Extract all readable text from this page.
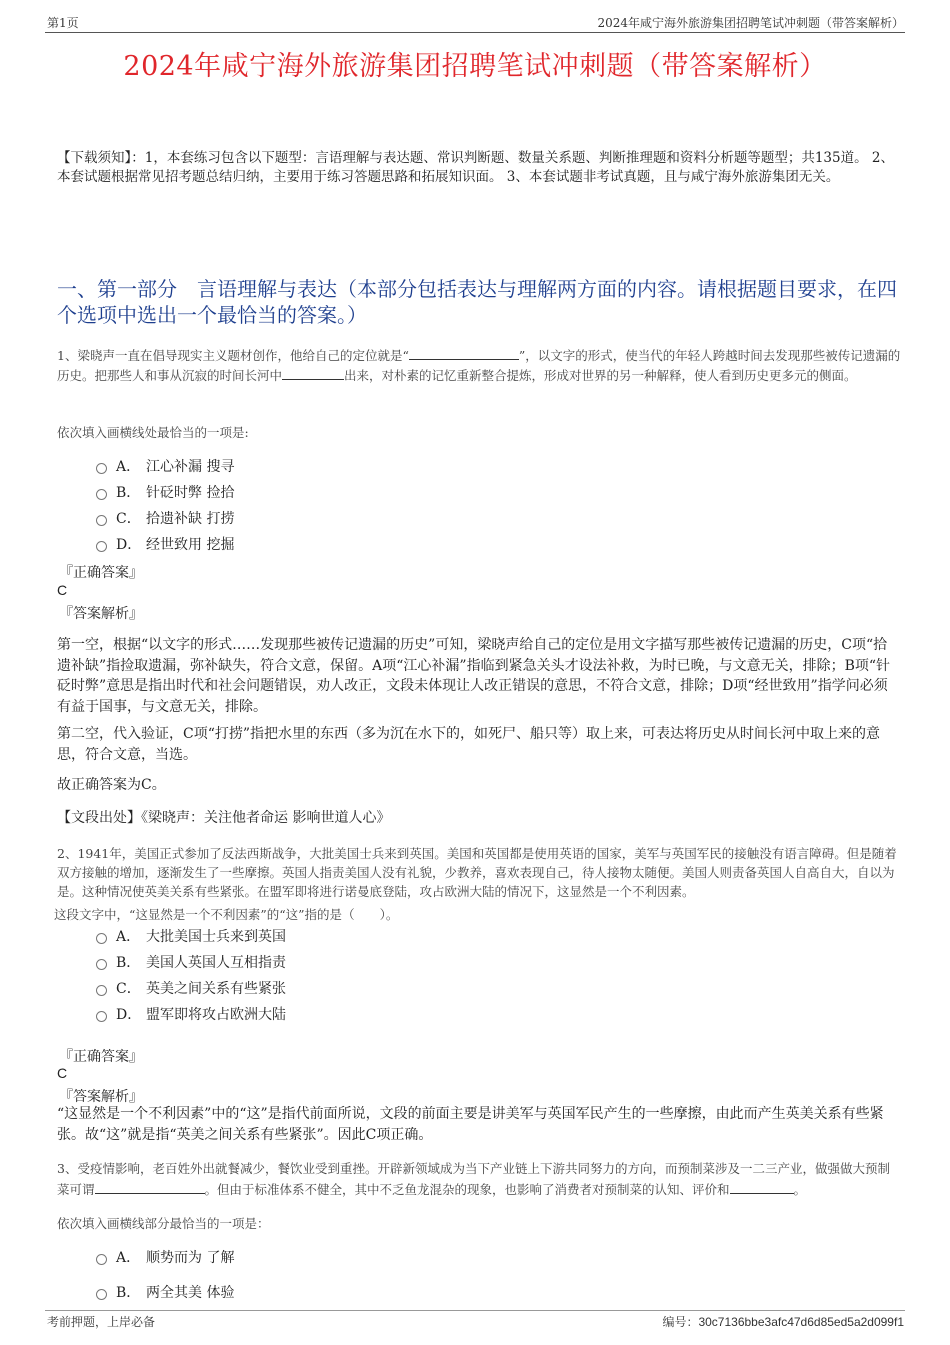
第1页	2024年咸宁海外旅游集团招聘笔试冲刺题（带答案解析）
2024年咸宁海外旅游集团招聘笔试冲刺题（带答案解析）
【下载须知】：1，本套练习包含以下题型：言语理解与表达题、常识判断题、数量关系题、判断推理题和资料分析题等题型；共135道。 2、本套试题根据常见招考题总结归纳，主要用于练习答题思路和拓展知识面。 3、本套试题非考试真题，且与咸宁海外旅游集团无关。
一、第一部分　言语理解与表达（本部分包括表达与理解两方面的内容。请根据题目要求，在四个选项中选出一个最恰当的答案。）
1、梁晓声一直在倡导现实主义题材创作，他给自己的定位就是“	”，以文字的形式，使当代的年轻人跨越时间去发现那些被传记遗漏的历史。把那些人和事从沉寂的时间长河中	出来，对朴素的记忆重新整合提炼，形成对世界的另一种解释，使人看到历史更多元的侧面。
依次填入画横线处最恰当的一项是:
A． 江心补漏 搜寻
B． 针砭时弊 捡拾
C． 拾遗补缺 打捞
D． 经世致用 挖掘
『正确答案』
C
『答案解析』
第一空，根据“以文字的形式……发现那些被传记遗漏的历史”可知，梁晓声给自己的定位是用文字描写那些被传记遗漏的历史，C项“拾遗补缺”指捡取遗漏，弥补缺失，符合文意，保留。A项“江心补漏”指临到紧急关头才设法补救，为时已晚，与文意无关，排除；B项“针砭时弊”意思是指出时代和社会问题错误，劝人改正，文段未体现让人改正错误的意思，不符合文意，排除；D项“经世致用”指学问必须有益于国事，与文意无关，排除。
第二空，代入验证，C项“打捞”指把水里的东西（多为沉在水下的，如死尸、船只等）取上来，可表达将历史从时间长河中取上来的意思，符合文意，当选。
故正确答案为C。
【文段出处】《梁晓声：关注他者命运 影响世道人心》
2、1941年，美国正式参加了反法西斯战争，大批美国士兵来到英国。美国和英国都是使用英语的国家，美军与英国军民的接触没有语言障碍。但是随着双方接触的增加，逐渐发生了一些摩擦。英国人指责美国人没有礼貌，少教养，喜欢表现自己，待人接物太随便。美国人则责备英国人自高自大，自以为是。这种情况使英美关系有些紧张。在盟军即将进行诺曼底登陆，攻占欧洲大陆的情况下，这显然是一个不利因素。
这段文字中，“这显然是一个不利因素”的“这”指的是（　　）。
A． 大批美国士兵来到英国
B． 美国人英国人互相指责
C． 英美之间关系有些紧张
D． 盟军即将攻占欧洲大陆
『正确答案』
C
『答案解析』
“这显然是一个不利因素”中的“这”是指代前面所说，文段的前面主要是讲美军与英国军民产生的一些摩擦，由此而产生英美关系有些紧张。故“这”就是指“英美之间关系有些紧张”。因此C项正确。
3、受疫情影响，老百姓外出就餐减少，餐饮业受到重挫。开辟新领域成为当下产业链上下游共同努力的方向，而预制菜涉及一二三产业，做强做大预制菜可谓	。但由于标准体系不健全，其中不乏鱼龙混杂的现象，也影响了消费者对预制菜的认知、评价和	。
依次填入画横线部分最恰当的一项是：
A． 顺势而为 了解
B． 两全其美 体验
考前押题，上岸必备	编号：30c7136bbe3afc47d6d85ed5a2d099f1
